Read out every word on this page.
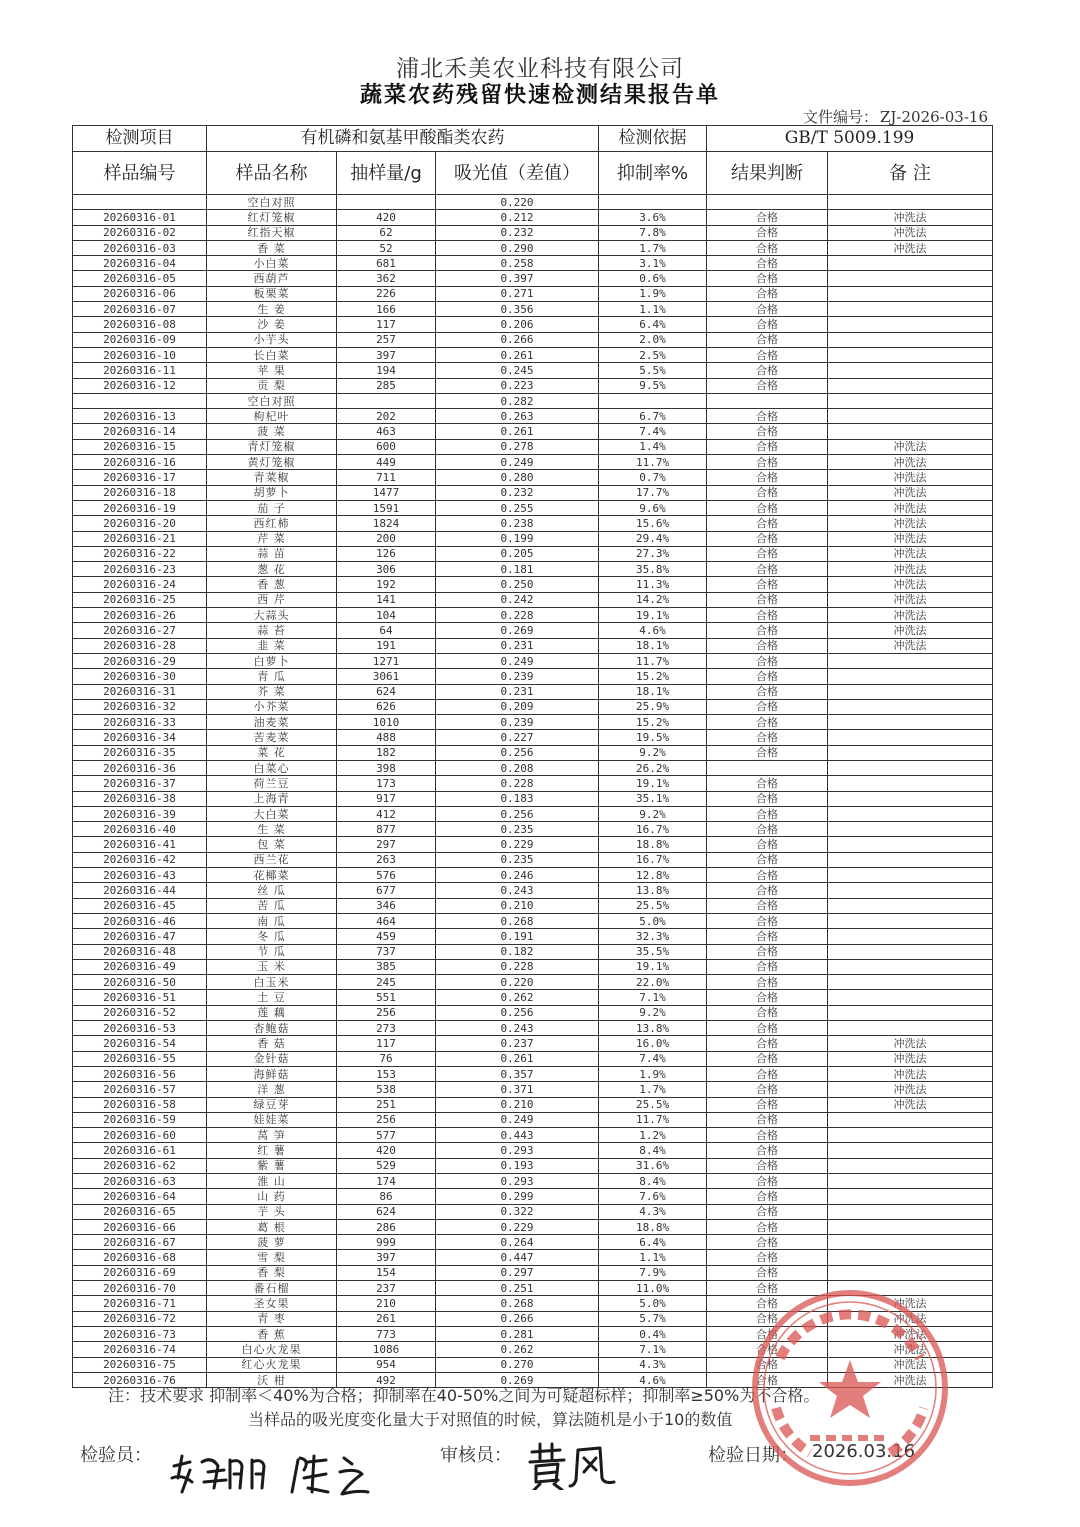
浦北禾美农业科技有限公司
蔬菜农药残留快速检测结果报告单
文件编号： ZJ-2026-03-16
检测项目	有机磷和氨基甲酸酯类农药			检测依据	GB/T 5009.199	
样品编号	样品名称	抽样量/g	吸光值（差值）	抑制率%	结果判断	备 注
	空白对照		0.220			
20260316-01	红灯笼椒	420	0.212	3.6%	合格	冲洗法
20260316-02	红指天椒	62	0.232	7.8%	合格	冲洗法
20260316-03	香 菜	52	0.290	1.7%	合格	冲洗法
20260316-04	小白菜	681	0.258	3.1%	合格	
20260316-05	西葫芦	362	0.397	0.6%	合格	
20260316-06	板栗菜	226	0.271	1.9%	合格	
20260316-07	生 姜	166	0.356	1.1%	合格	
20260316-08	沙 姜	117	0.206	6.4%	合格	
20260316-09	小芋头	257	0.266	2.0%	合格	
20260316-10	长白菜	397	0.261	2.5%	合格	
20260316-11	苹 果	194	0.245	5.5%	合格	
20260316-12	贡 梨	285	0.223	9.5%	合格	
	空白对照		0.282			
20260316-13	枸杞叶	202	0.263	6.7%	合格	
20260316-14	菠 菜	463	0.261	7.4%	合格	
20260316-15	青灯笼椒	600	0.278	1.4%	合格	冲洗法
20260316-16	黄灯笼椒	449	0.249	11.7%	合格	冲洗法
20260316-17	青菜椒	711	0.280	0.7%	合格	冲洗法
20260316-18	胡萝卜	1477	0.232	17.7%	合格	冲洗法
20260316-19	茄 子	1591	0.255	9.6%	合格	冲洗法
20260316-20	西红柿	1824	0.238	15.6%	合格	冲洗法
20260316-21	芹 菜	200	0.199	29.4%	合格	冲洗法
20260316-22	蒜 苗	126	0.205	27.3%	合格	冲洗法
20260316-23	葱 花	306	0.181	35.8%	合格	冲洗法
20260316-24	香 葱	192	0.250	11.3%	合格	冲洗法
20260316-25	西 芹	141	0.242	14.2%	合格	冲洗法
20260316-26	大蒜头	104	0.228	19.1%	合格	冲洗法
20260316-27	蒜 苔	64	0.269	4.6%	合格	冲洗法
20260316-28	韭 菜	191	0.231	18.1%	合格	冲洗法
20260316-29	白萝卜	1271	0.249	11.7%	合格	
20260316-30	青 瓜	3061	0.239	15.2%	合格	
20260316-31	芥 菜	624	0.231	18.1%	合格	
20260316-32	小芥菜	626	0.209	25.9%	合格	
20260316-33	油麦菜	1010	0.239	15.2%	合格	
20260316-34	苦麦菜	488	0.227	19.5%	合格	
20260316-35	菜 花	182	0.256	9.2%	合格	
20260316-36	白菜心	398	0.208	26.2%		
20260316-37	荷兰豆	173	0.228	19.1%	合格	
20260316-38	上海青	917	0.183	35.1%	合格	
20260316-39	大白菜	412	0.256	9.2%	合格	
20260316-40	生 菜	877	0.235	16.7%	合格	
20260316-41	包 菜	297	0.229	18.8%	合格	
20260316-42	西兰花	263	0.235	16.7%	合格	
20260316-43	花椰菜	576	0.246	12.8%	合格	
20260316-44	丝 瓜	677	0.243	13.8%	合格	
20260316-45	苦 瓜	346	0.210	25.5%	合格	
20260316-46	南 瓜	464	0.268	5.0%	合格	
20260316-47	冬 瓜	459	0.191	32.3%	合格	
20260316-48	节 瓜	737	0.182	35.5%	合格	
20260316-49	玉 米	385	0.228	19.1%	合格	
20260316-50	白玉米	245	0.220	22.0%	合格	
20260316-51	土 豆	551	0.262	7.1%	合格	
20260316-52	莲 藕	256	0.256	9.2%	合格	
20260316-53	杏鲍菇	273	0.243	13.8%	合格	
20260316-54	香 菇	117	0.237	16.0%	合格	冲洗法
20260316-55	金针菇	76	0.261	7.4%	合格	冲洗法
20260316-56	海鲜菇	153	0.357	1.9%	合格	冲洗法
20260316-57	洋 葱	538	0.371	1.7%	合格	冲洗法
20260316-58	绿豆芽	251	0.210	25.5%	合格	冲洗法
20260316-59	娃娃菜	256	0.249	11.7%	合格	
20260316-60	莴 笋	577	0.443	1.2%	合格	
20260316-61	红 薯	420	0.293	8.4%	合格	
20260316-62	紫 薯	529	0.193	31.6%	合格	
20260316-63	淮 山	174	0.293	8.4%	合格	
20260316-64	山 药	86	0.299	7.6%	合格	
20260316-65	芋 头	624	0.322	4.3%	合格	
20260316-66	葛 根	286	0.229	18.8%	合格	
20260316-67	菠 萝	999	0.264	6.4%	合格	
20260316-68	雪 梨	397	0.447	1.1%	合格	
20260316-69	香 梨	154	0.297	7.9%	合格	
20260316-70	番石榴	237	0.251	11.0%	合格	
20260316-71	圣女果	210	0.268	5.0%	合格	冲洗法
20260316-72	青 枣	261	0.266	5.7%	合格	冲洗法
20260316-73	香 蕉	773	0.281	0.4%	合格	冲洗法
20260316-74	白心火龙果	1086	0.262	7.1%	合格	冲洗法
20260316-75	红心火龙果	954	0.270	4.3%	合格	冲洗法
20260316-76	沃 柑	492	0.269	4.6%	合格	冲洗法
注：技术要求 抑制率＜40%为合格；抑制率在40-50%之间为可疑超标样；抑制率≥50%为不合格。
当样品的吸光度变化量大于对照值的时候，算法随机是小于10的数值
检验员：	审核员：	检验日期： 2026.03.16
